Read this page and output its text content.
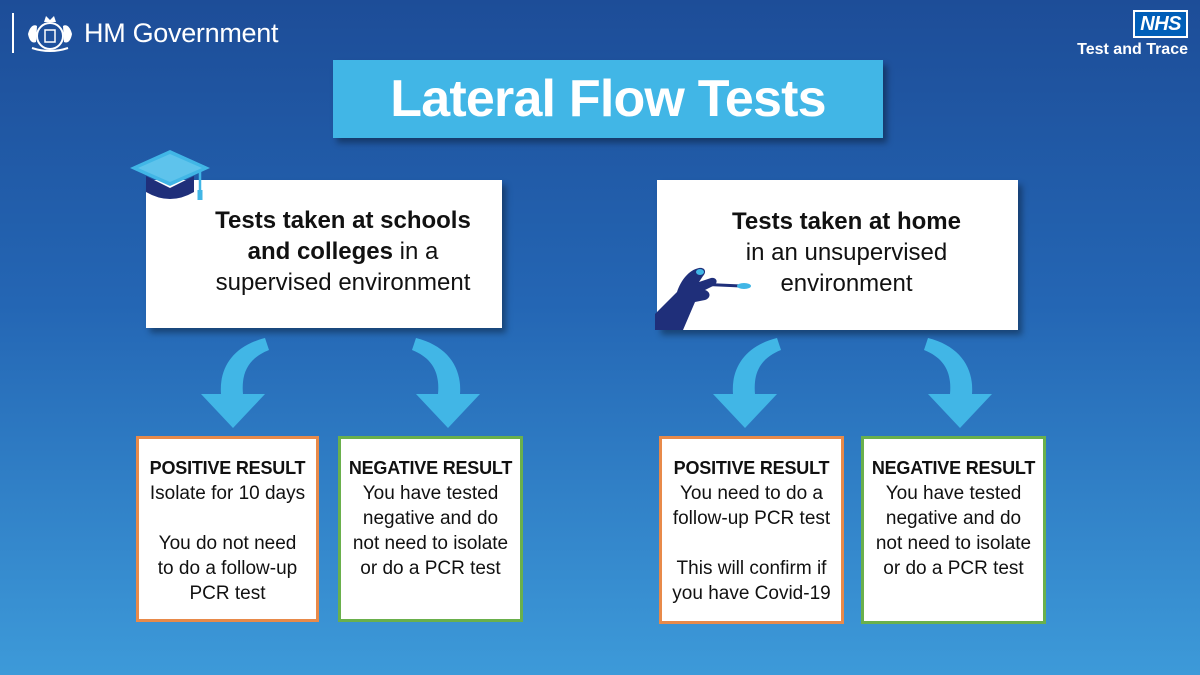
HM Government	NHS
Test and Trace
Lateral Flow Tests
Tests taken at schools
and colleges in a
supervised environment
Tests taken at home
in an unsupervised
environment
POSITIVE RESULT
Isolate for 10 days
You do not need
to do a follow-up
PCR test
NEGATIVE RESULT
You have tested
negative and do
not need to isolate
or do a PCR test
POSITIVE RESULT
You need to do a
follow-up PCR test
This will confirm if
you have Covid-19
NEGATIVE RESULT
You have tested
negative and do
not need to isolate
or do a PCR test
